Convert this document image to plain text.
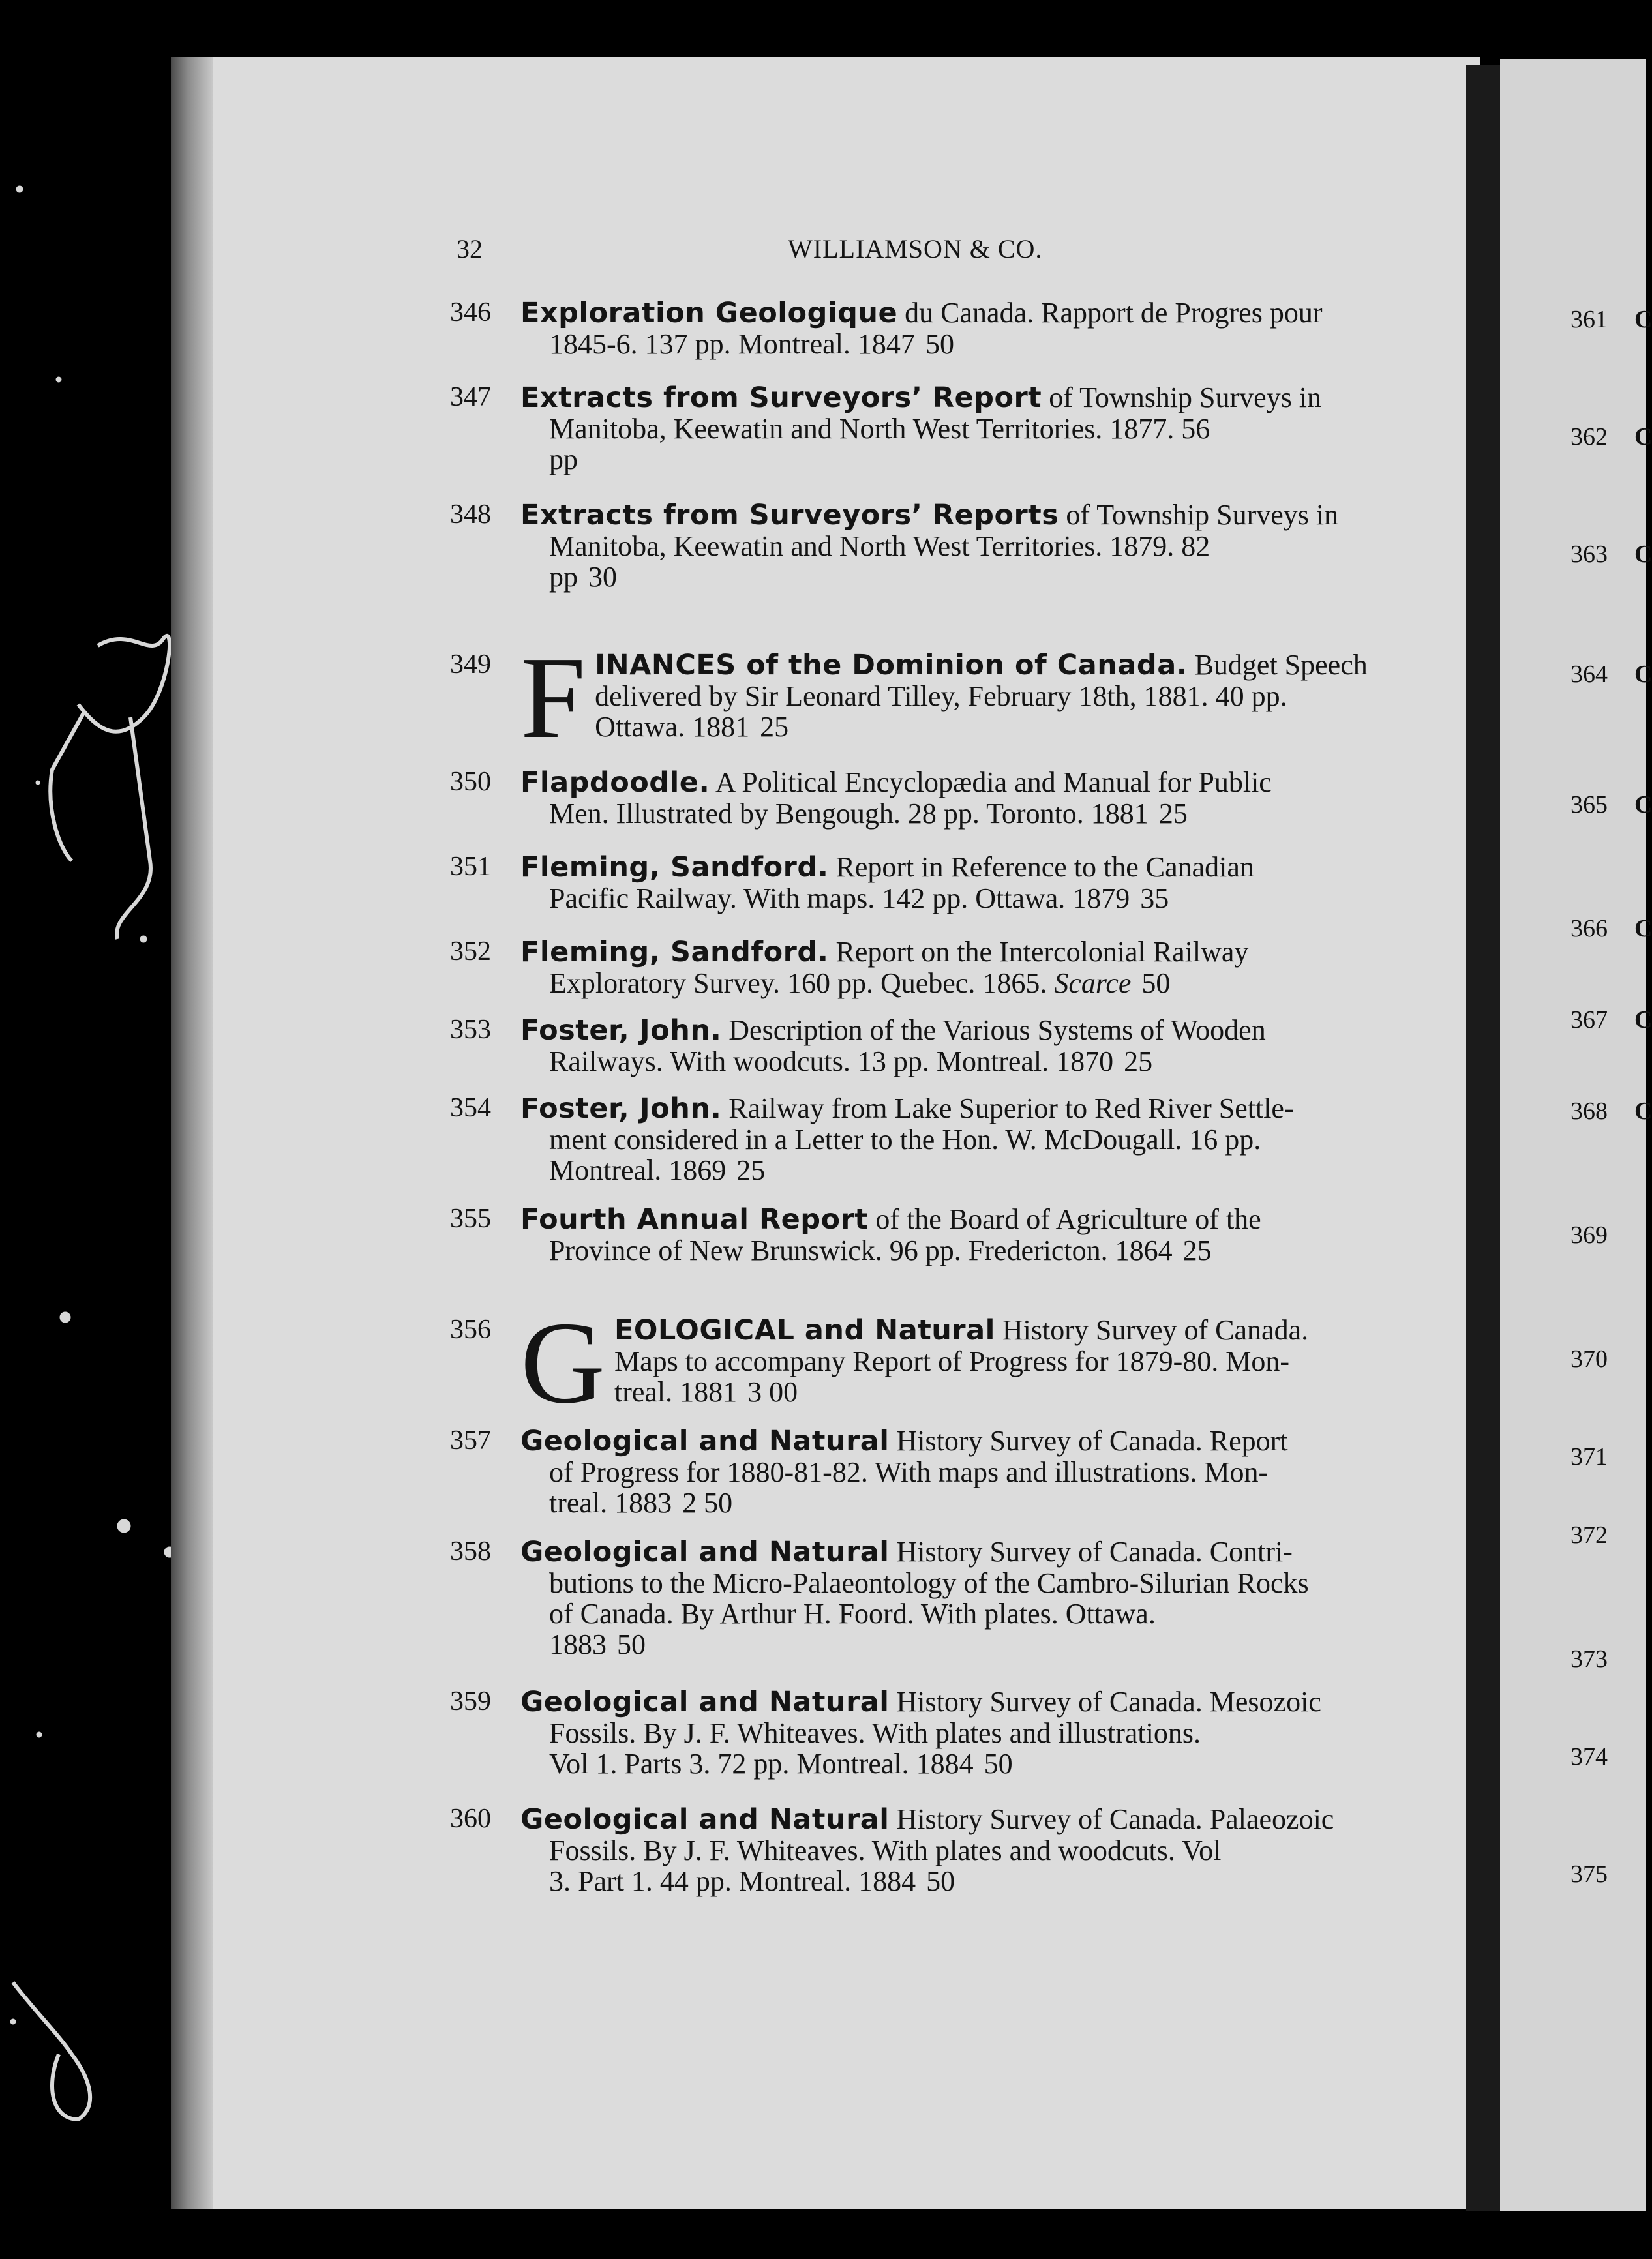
361 C
362 C
363 C
364 C
365 C
366 C
367 C
368 C
369
370
371
372
373
374
375
32	WILLIAMSON & CO.
346 Exploration Geologique du Canada. Rapport de Progres pour
1845-6. 137 pp. Montreal. 1847 50
347 Extracts from Surveyors’ Report of Township Surveys in
Manitoba, Keewatin and North West Territories. 1877. 56
pp
348 Extracts from Surveyors’ Reports of Township Surveys in
Manitoba, Keewatin and North West Territories. 1879. 82
pp 30
349 F INANCES of the Dominion of Canada. Budget Speech
delivered by Sir Leonard Tilley, February 18th, 1881. 40 pp.
Ottawa. 1881 25
350 Flapdoodle. A Political Encyclopædia and Manual for Public
Men. Illustrated by Bengough. 28 pp. Toronto. 1881 25
351 Fleming, Sandford. Report in Reference to the Canadian
Pacific Railway. With maps. 142 pp. Ottawa. 1879 35
352 Fleming, Sandford. Report on the Intercolonial Railway
Exploratory Survey. 160 pp. Quebec. 1865. Scarce 50
353 Foster, John. Description of the Various Systems of Wooden
Railways. With woodcuts. 13 pp. Montreal. 1870 25
354 Foster, John. Railway from Lake Superior to Red River Settle-
ment considered in a Letter to the Hon. W. McDougall. 16 pp.
Montreal. 1869 25
355 Fourth Annual Report of the Board of Agriculture of the
Province of New Brunswick. 96 pp. Fredericton. 1864 25
356 G EOLOGICAL and Natural History Survey of Canada.
Maps to accompany Report of Progress for 1879-80. Mon-
treal. 1881 3 00
357 Geological and Natural History Survey of Canada. Report
of Progress for 1880-81-82. With maps and illustrations. Mon-
treal. 1883 2 50
358 Geological and Natural History Survey of Canada. Contri-
butions to the Micro-Palaeontology of the Cambro-Silurian Rocks
of Canada. By Arthur H. Foord. With plates. Ottawa.
1883 50
359 Geological and Natural History Survey of Canada. Mesozoic
Fossils. By J. F. Whiteaves. With plates and illustrations.
Vol 1. Parts 3. 72 pp. Montreal. 1884 50
360 Geological and Natural History Survey of Canada. Palaeozoic
Fossils. By J. F. Whiteaves. With plates and woodcuts. Vol
3. Part 1. 44 pp. Montreal. 1884 50
